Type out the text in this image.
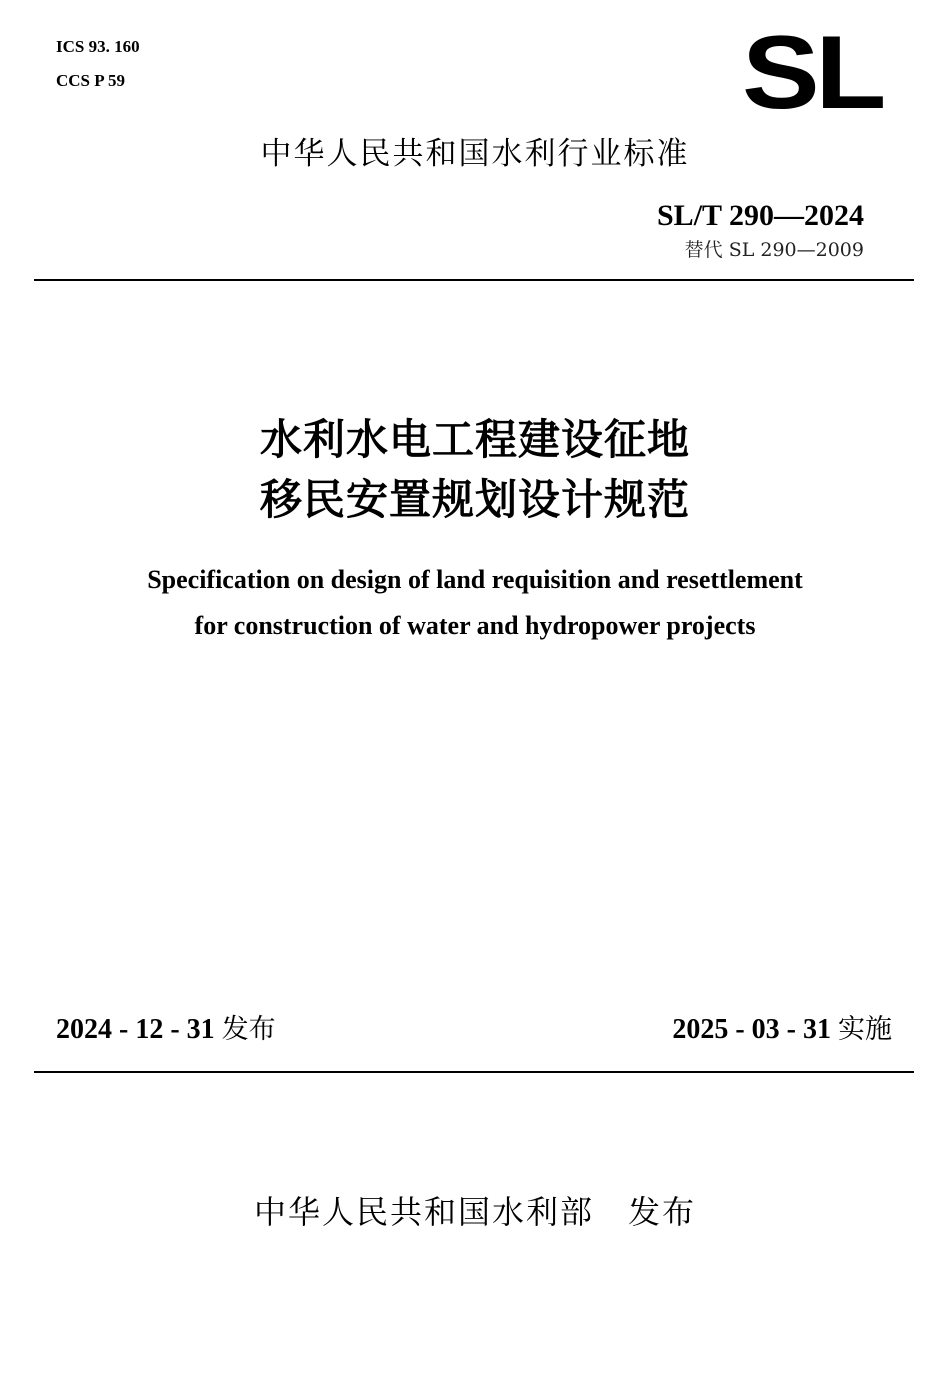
ICS 93. 160
CCS P 59	SL
中华人民共和国水利行业标准
SL/T 290—2024
替代 SL 290—2009
水利水电工程建设征地
移民安置规划设计规范
Specification on design of land requisition and resettlement
for construction of water and hydropower projects
2024 - 12 - 31 发布	2025 - 03 - 31 实施
中华人民共和国水利部 发布
